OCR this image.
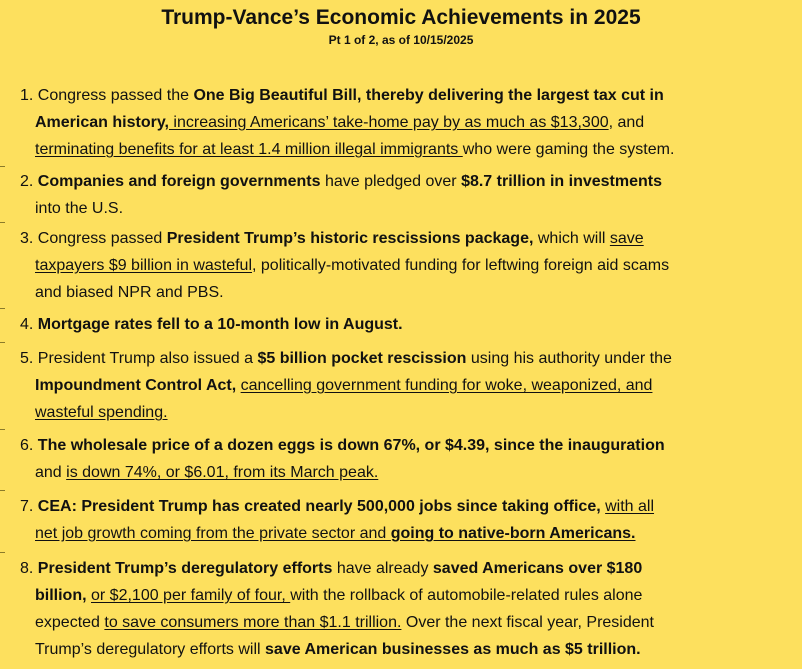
Trump-Vance’s Economic Achievements in 2025

Pt 1 of 2, as of 10/15/2025

1. Congress passed the One Big Beautiful Bill, thereby delivering the largest tax cut in
American history, increasing Americans’ take-home pay by as much as $13,300, and
terminating benefits for at least 1.4 million illegal immigrants who were gaming the system.
2. Companies and foreign governments have pledged over $8.7 trillion in investments
into the U.S.
3. Congress passed President Trump’s historic rescissions package, which will save
taxpayers $9 billion in wasteful, politically-motivated funding for leftwing foreign aid scams
and biased NPR and PBS.
4. Mortgage rates fell to a 10-month low in August.
5. President Trump also issued a $5 billion pocket rescission using his authority under the
Impoundment Control Act, cancelling government funding for woke, weaponized, and
wasteful spending.
6. The wholesale price of a dozen eggs is down 67%, or $4.39, since the inauguration
and is down 74%, or $6.01, from its March peak.
7. CEA: President Trump has created nearly 500,000 jobs since taking office, with all
net job growth coming from the private sector and going to native-born Americans.
8. President Trump’s deregulatory efforts have already saved Americans over $180
billion, or $2,100 per family of four, with the rollback of automobile-related rules alone
expected to save consumers more than $1.1 trillion. Over the next fiscal year, President
Trump’s deregulatory efforts will save American businesses as much as $5 trillion.
